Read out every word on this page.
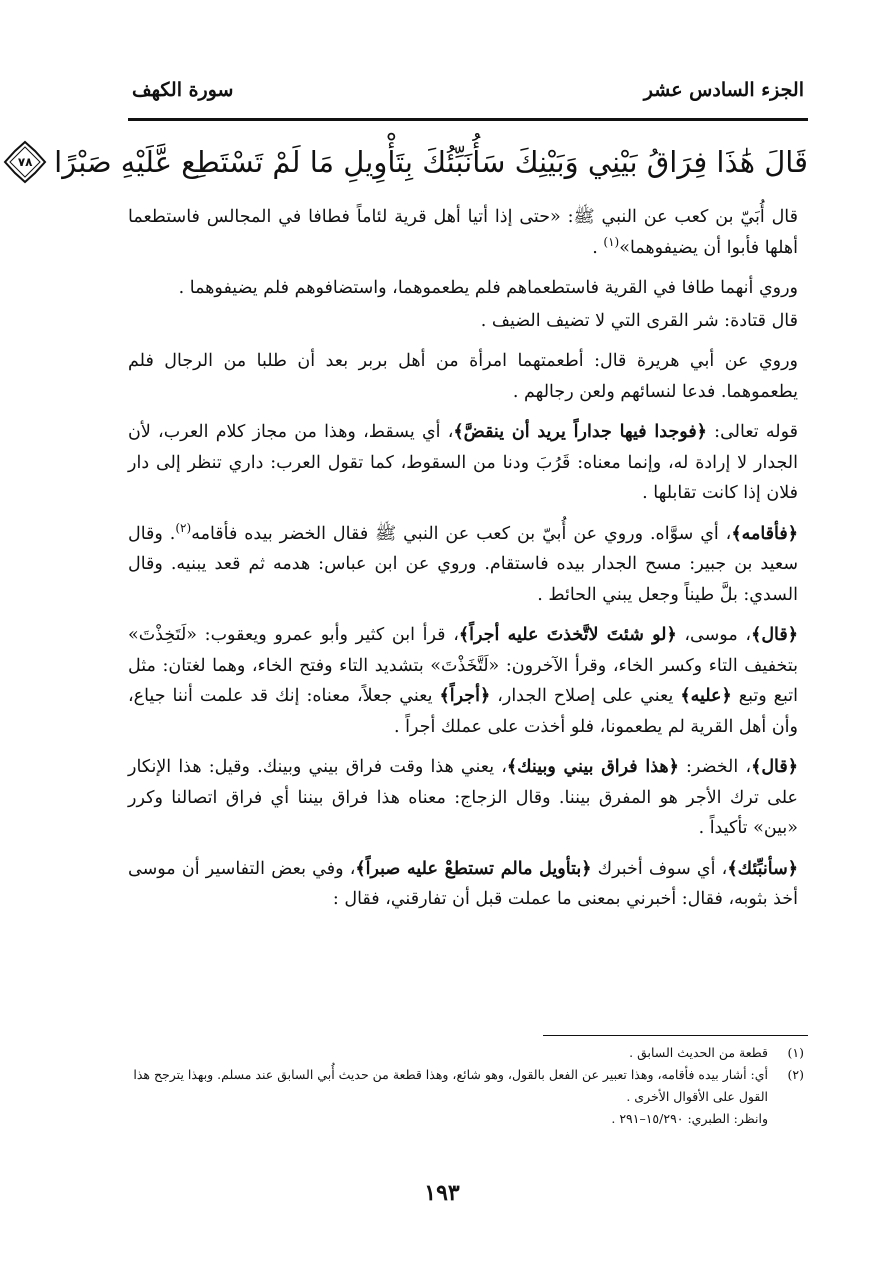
الجزء السادس عشر
سورة الكهف
قَالَ هَٰذَا فِرَاقُ بَيْنِي وَبَيْنِكَ سَأُنَبِّئُكَ بِتَأْوِيلِ مَا لَمْ تَسْتَطِع عَّلَيْهِ صَبْرًا
٧٨

قال أُبَيّ بن كعب عن النبي ﷺ: «حتى إذا أتيا أهل قرية لئاماً فطافا في المجالس فاستطعما أهلها فأبوا أن يضيفوهما»$^{(١)}$ .

وروي أنهما طافا في القرية فاستطعماهم فلم يطعموهما، واستضافوهم فلم يضيفوهما .

قال قتادة: شر القرى التي لا تضيف الضيف .

وروي عن أبي هريرة قال: أطعمتهما امرأة من أهل بربر بعد أن طلبا من الرجال فلم يطعموهما. فدعا لنسائهم ولعن رجالهم .

قوله تعالى: ﴿فوجدا فيها جداراً يريد أن ينقضَّ﴾، أي يسقط، وهذا من مجاز كلام العرب، لأن الجدار لا إرادة له، وإنما معناه: قَرُبَ ودنا من السقوط، كما تقول العرب: داري تنظر إلى دار فلان إذا كانت تقابلها .

﴿فأقامه﴾، أي سوَّاه. وروي عن أُبيّ بن كعب عن النبي ﷺ فقال الخضر بيده فأقامه$^{(٢)}$. وقال سعيد بن جبير: مسح الجدار بيده فاستقام. وروي عن ابن عباس: هدمه ثم قعد يبنيه. وقال السدي: بلَّ طيناً وجعل يبني الحائط .

﴿قال﴾، موسى، ﴿لو شئتَ لاتَّخذتَ عليه أجراً﴾، قرأ ابن كثير وأبو عمرو ويعقوب: «لَتَخِذْتَ» بتخفيف التاء وكسر الخاء، وقرأ الآخرون: «لَتَّخَذْتَ» بتشديد التاء وفتح الخاء، وهما لغتان: مثل اتبع وتبع ﴿عليه﴾ يعني على إصلاح الجدار، ﴿أجراً﴾ يعني جعلاً، معناه: إنك قد علمت أننا جياع، وأن أهل القرية لم يطعمونا، فلو أخذت على عملك أجراً .

﴿قال﴾، الخضر: ﴿هذا فراق بيني وبينك﴾، يعني هذا وقت فراق بيني وبينك. وقيل: هذا الإنكار على ترك الأجر هو المفرق بيننا. وقال الزجاج: معناه هذا فراق بيننا أي فراق اتصالنا وكرر «بين» تأكيداً .

﴿سأنبِّئك﴾، أي سوف أخبرك ﴿بتأويل مالم تستطعْ عليه صبراً﴾، وفي بعض التفاسير أن موسى أخذ بثوبه، فقال: أخبرني بمعنى ما عملت قبل أن تفارقني، فقال :

(١)
قطعة من الحديث السابق .
(٢)
أي: أشار بيده فأقامه، وهذا تعبير عن الفعل بالقول، وهو شائع، وهذا قطعة من حديث أُبي السابق عند مسلم. وبهذا يترجح هذا القول على الأقوال الأخرى .
وانظر: الطبري: ١٥/٢٩٠–٢٩١ .
١٩٣
